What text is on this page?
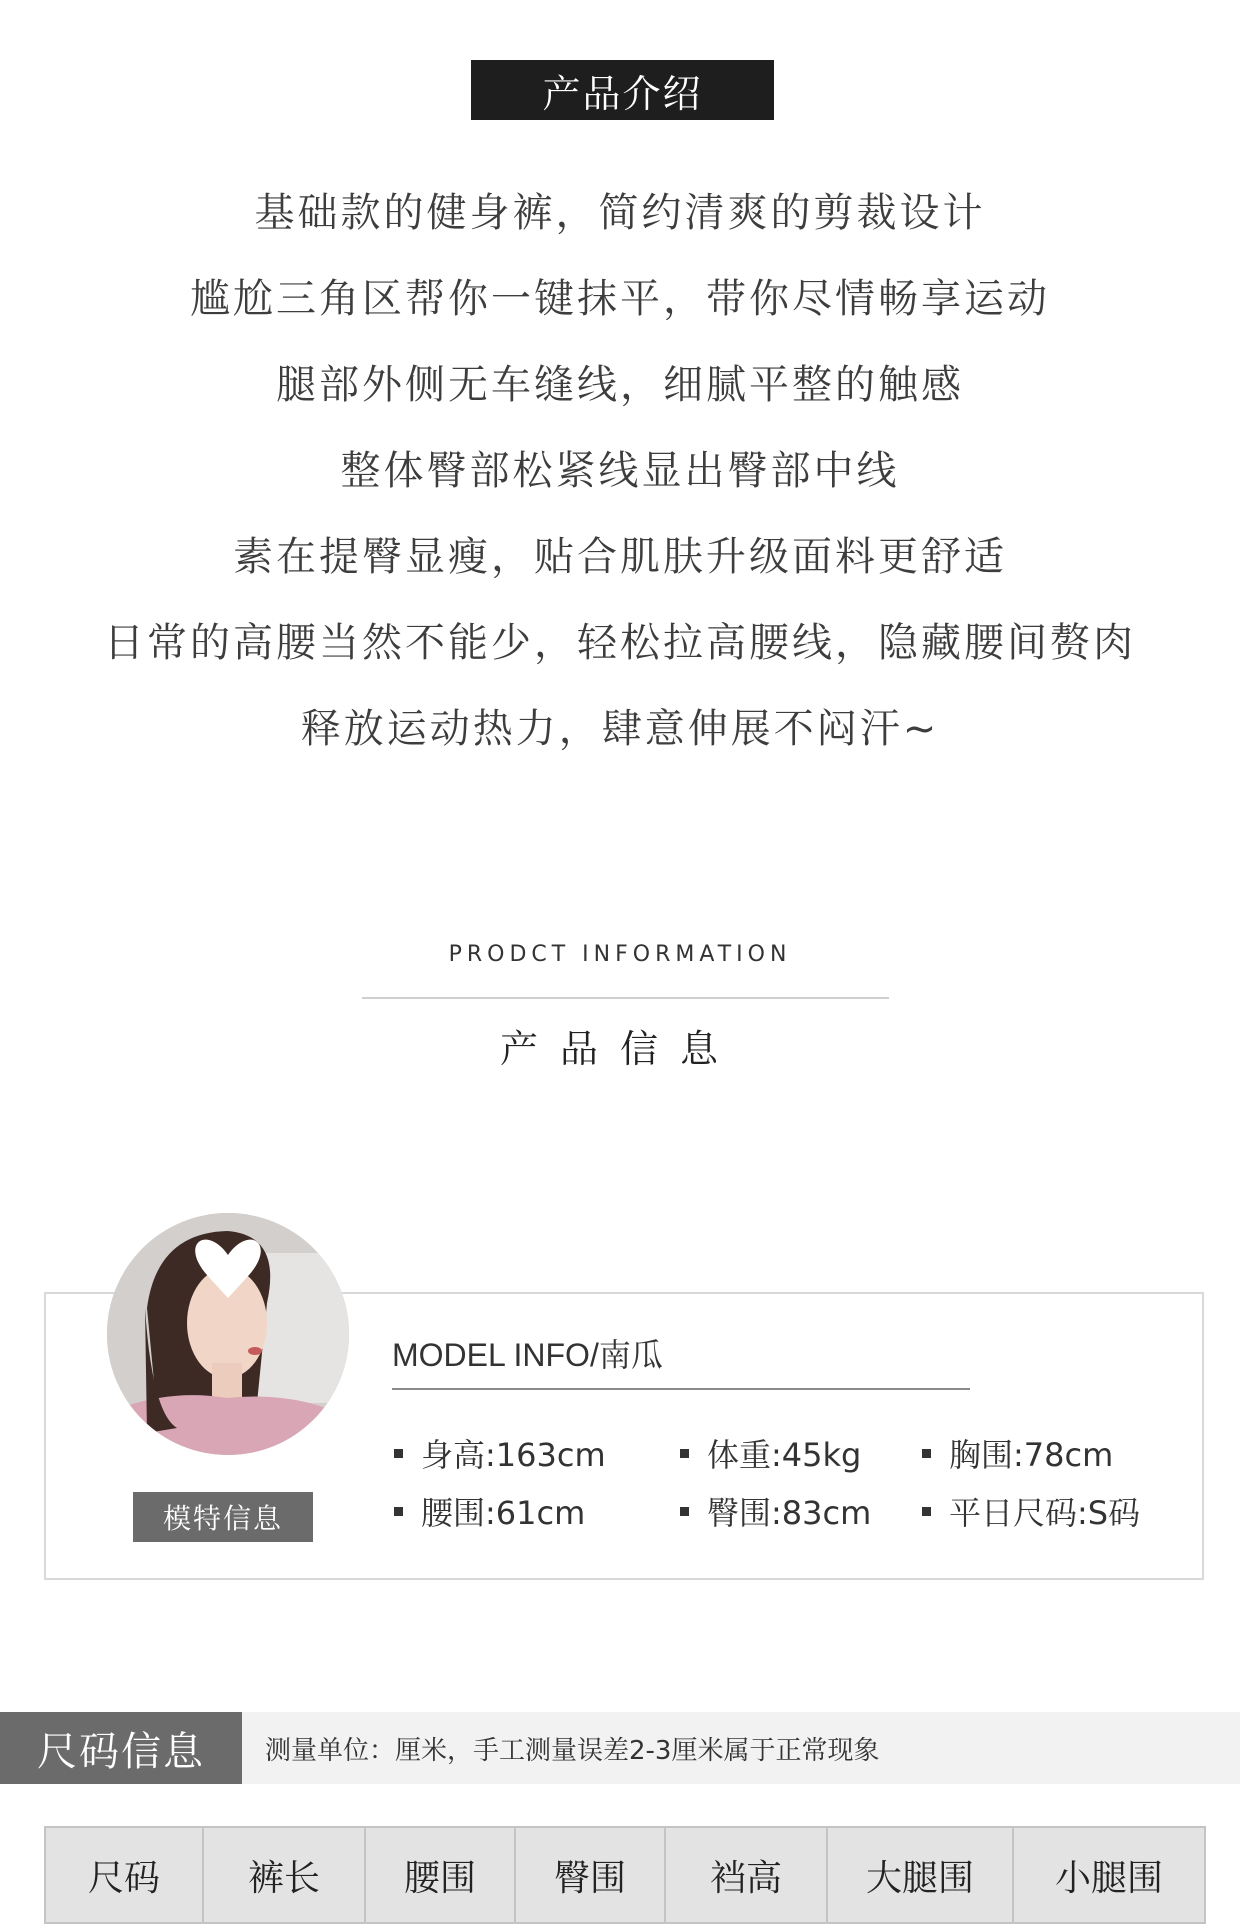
产品介绍
基础款的健身裤，简约清爽的剪裁设计
尴尬三角区帮你一键抹平，带你尽情畅享运动
腿部外侧无车缝线，细腻平整的触感
整体臀部松紧线显出臀部中线
素在提臀显瘦，贴合肌肤升级面料更舒适
日常的高腰当然不能少，轻松拉高腰线，隐藏腰间赘肉
释放运动热力，肆意伸展不闷汗~
PRODCT INFORMATION
产品信息
模特信息
MODEL INFO/南瓜
身高:163cm	体重:45kg	胸围:78cm
腰围:61cm	臀围:83cm 平日尺码:S码
尺码信息	测量单位：厘米，手工测量误差2-3厘米属于正常现象
尺码	裤长	腰围	臀围	裆高	大腿围	小腿围
